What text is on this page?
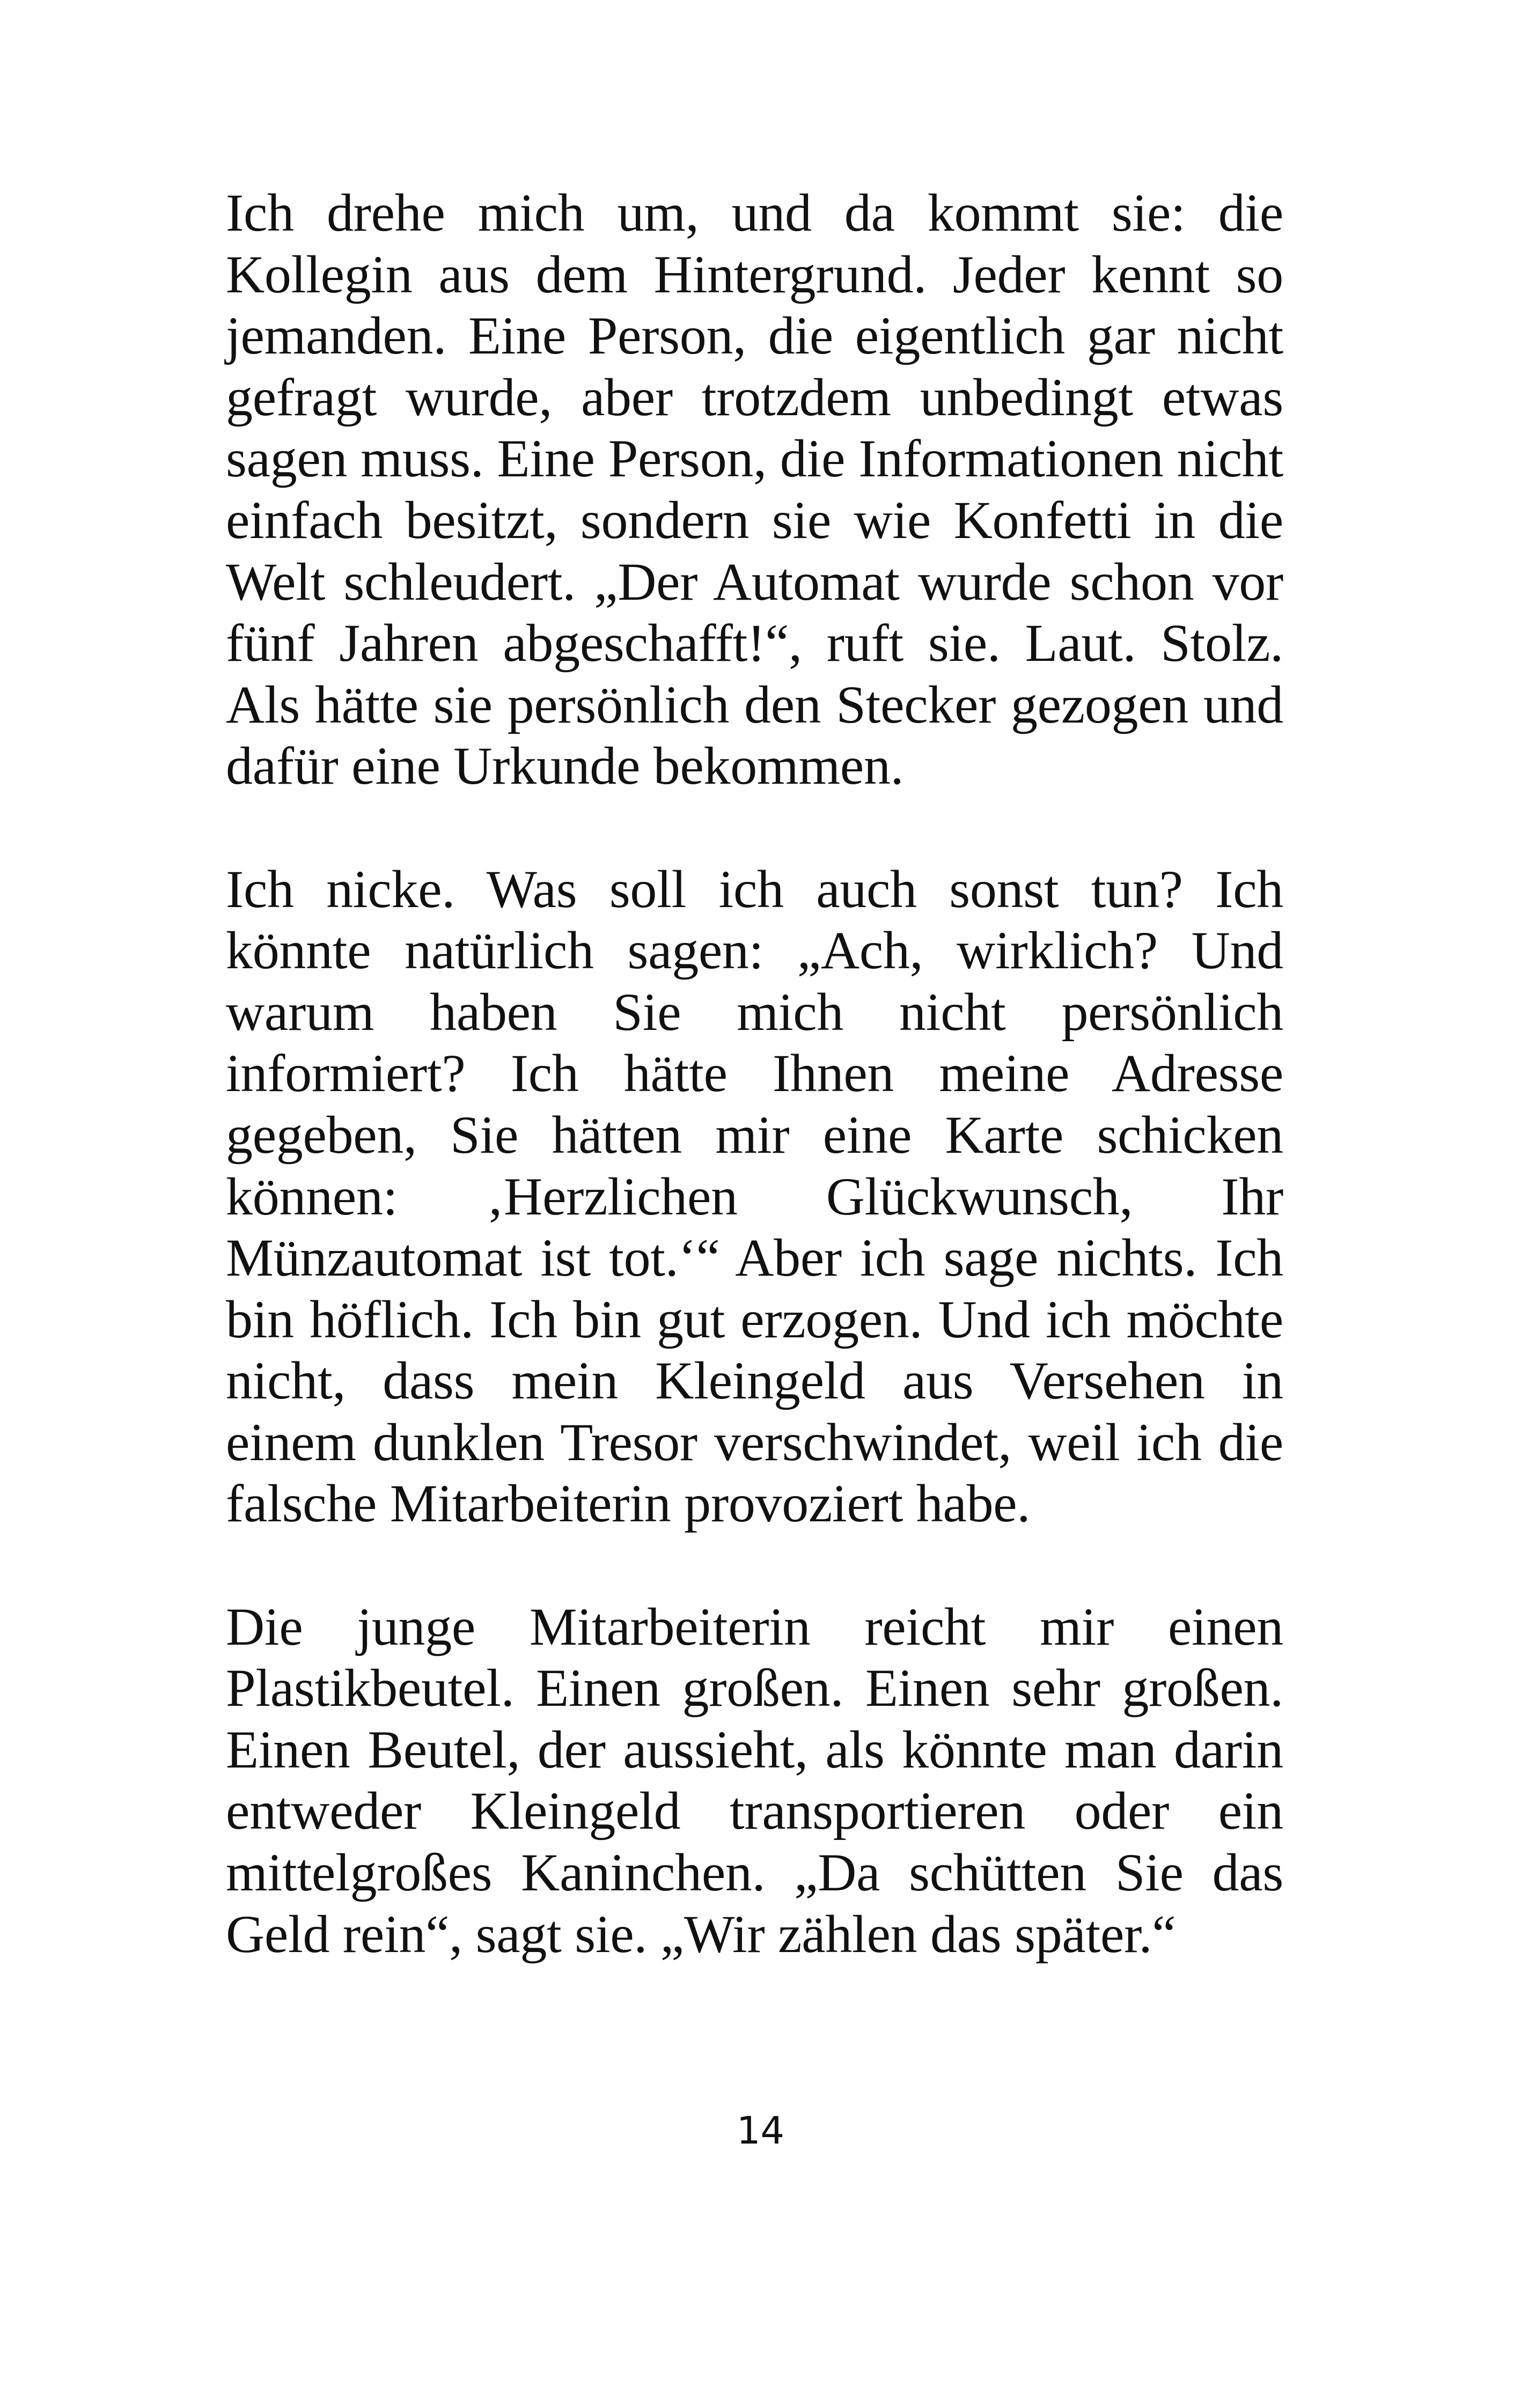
Ich drehe mich um, und da kommt sie: die Kollegin aus dem Hintergrund. Jeder kennt so jemanden. Eine Person, die eigentlich gar nicht gefragt wurde, aber trotzdem unbedingt etwas sagen muss. Eine Person, die Informationen nicht einfach besitzt, sondern sie wie Konfetti in die Welt schleudert. „Der Automat wurde schon vor fünf Jahren abgeschafft!“, ruft sie. Laut. Stolz. Als hätte sie persönlich den Stecker gezogen und dafür eine Urkunde bekommen.

Ich nicke. Was soll ich auch sonst tun? Ich könnte natürlich sagen: „Ach, wirklich? Und warum haben Sie mich nicht persönlich informiert? Ich hätte Ihnen meine Adresse gegeben, Sie hätten mir eine Karte schicken können: ‚Herzlichen Glückwunsch, Ihr Münzautomat ist tot.‘“ Aber ich sage nichts. Ich bin höflich. Ich bin gut erzogen. Und ich möchte nicht, dass mein Kleingeld aus Versehen in einem dunklen Tresor verschwindet, weil ich die falsche Mitarbeiterin provoziert habe.

Die junge Mitarbeiterin reicht mir einen Plastikbeutel. Einen großen. Einen sehr großen. Einen Beutel, der aussieht, als könnte man darin entweder Kleingeld transportieren oder ein mittelgroßes Kaninchen. „Da schütten Sie das Geld rein“, sagt sie. „Wir zählen das später.“

14
